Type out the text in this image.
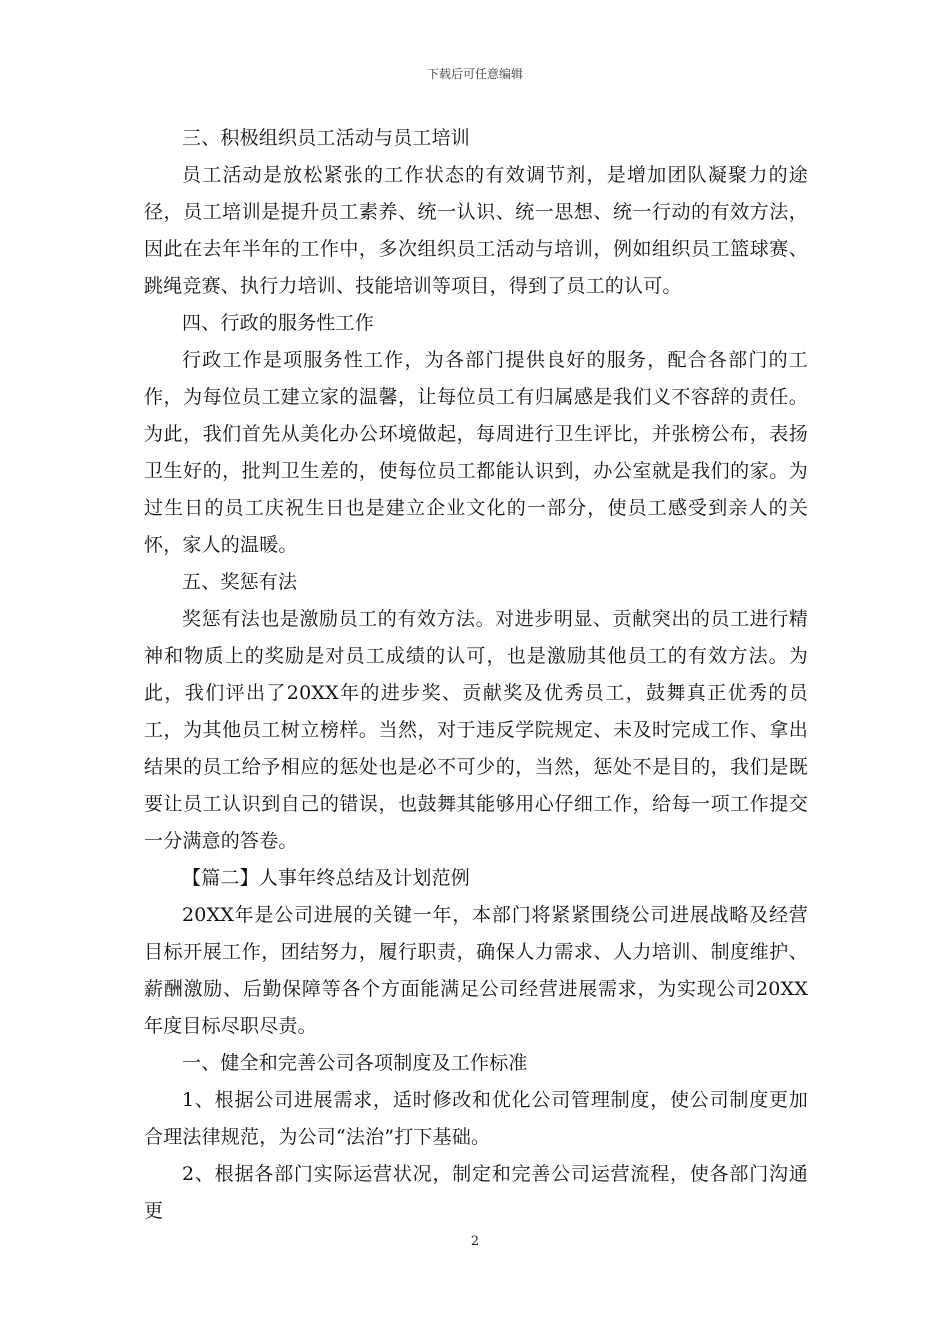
下载后可任意编辑

三、积极组织员工活动与员工培训

员工活动是放松紧张的工作状态的有效调节剂，是增加团队凝聚力的途径，员工培训是提升员工素养、统一认识、统一思想、统一行动的有效方法，因此在去年半年的工作中，多次组织员工活动与培训，例如组织员工篮球赛、跳绳竞赛、执行力培训、技能培训等项目，得到了员工的认可。

四、行政的服务性工作

行政工作是项服务性工作，为各部门提供良好的服务，配合各部门的工作，为每位员工建立家的温馨，让每位员工有归属感是我们义不容辞的责任。为此，我们首先从美化办公环境做起，每周进行卫生评比，并张榜公布，表扬卫生好的，批判卫生差的，使每位员工都能认识到，办公室就是我们的家。为过生日的员工庆祝生日也是建立企业文化的一部分，使员工感受到亲人的关怀，家人的温暖。

五、奖惩有法

奖惩有法也是激励员工的有效方法。对进步明显、贡献突出的员工进行精神和物质上的奖励是对员工成绩的认可，也是激励其他员工的有效方法。为此，我们评出了20XX年的进步奖、贡献奖及优秀员工，鼓舞真正优秀的员工，为其他员工树立榜样。当然，对于违反学院规定、未及时完成工作、拿出结果的员工给予相应的惩处也是必不可少的，当然，惩处不是目的，我们是既要让员工认识到自己的错误，也鼓舞其能够用心仔细工作，给每一项工作提交一分满意的答卷。

【篇二】人事年终总结及计划范例

20XX年是公司进展的关键一年，本部门将紧紧围绕公司进展战略及经营目标开展工作，团结努力，履行职责，确保人力需求、人力培训、制度维护、薪酬激励、后勤保障等各个方面能满足公司经营进展需求，为实现公司20XX年度目标尽职尽责。

一、健全和完善公司各项制度及工作标准

1、根据公司进展需求，适时修改和优化公司管理制度，使公司制度更加合理法律规范，为公司“法治”打下基础。

2、根据各部门实际运营状况，制定和完善公司运营流程，使各部门沟通更

2
